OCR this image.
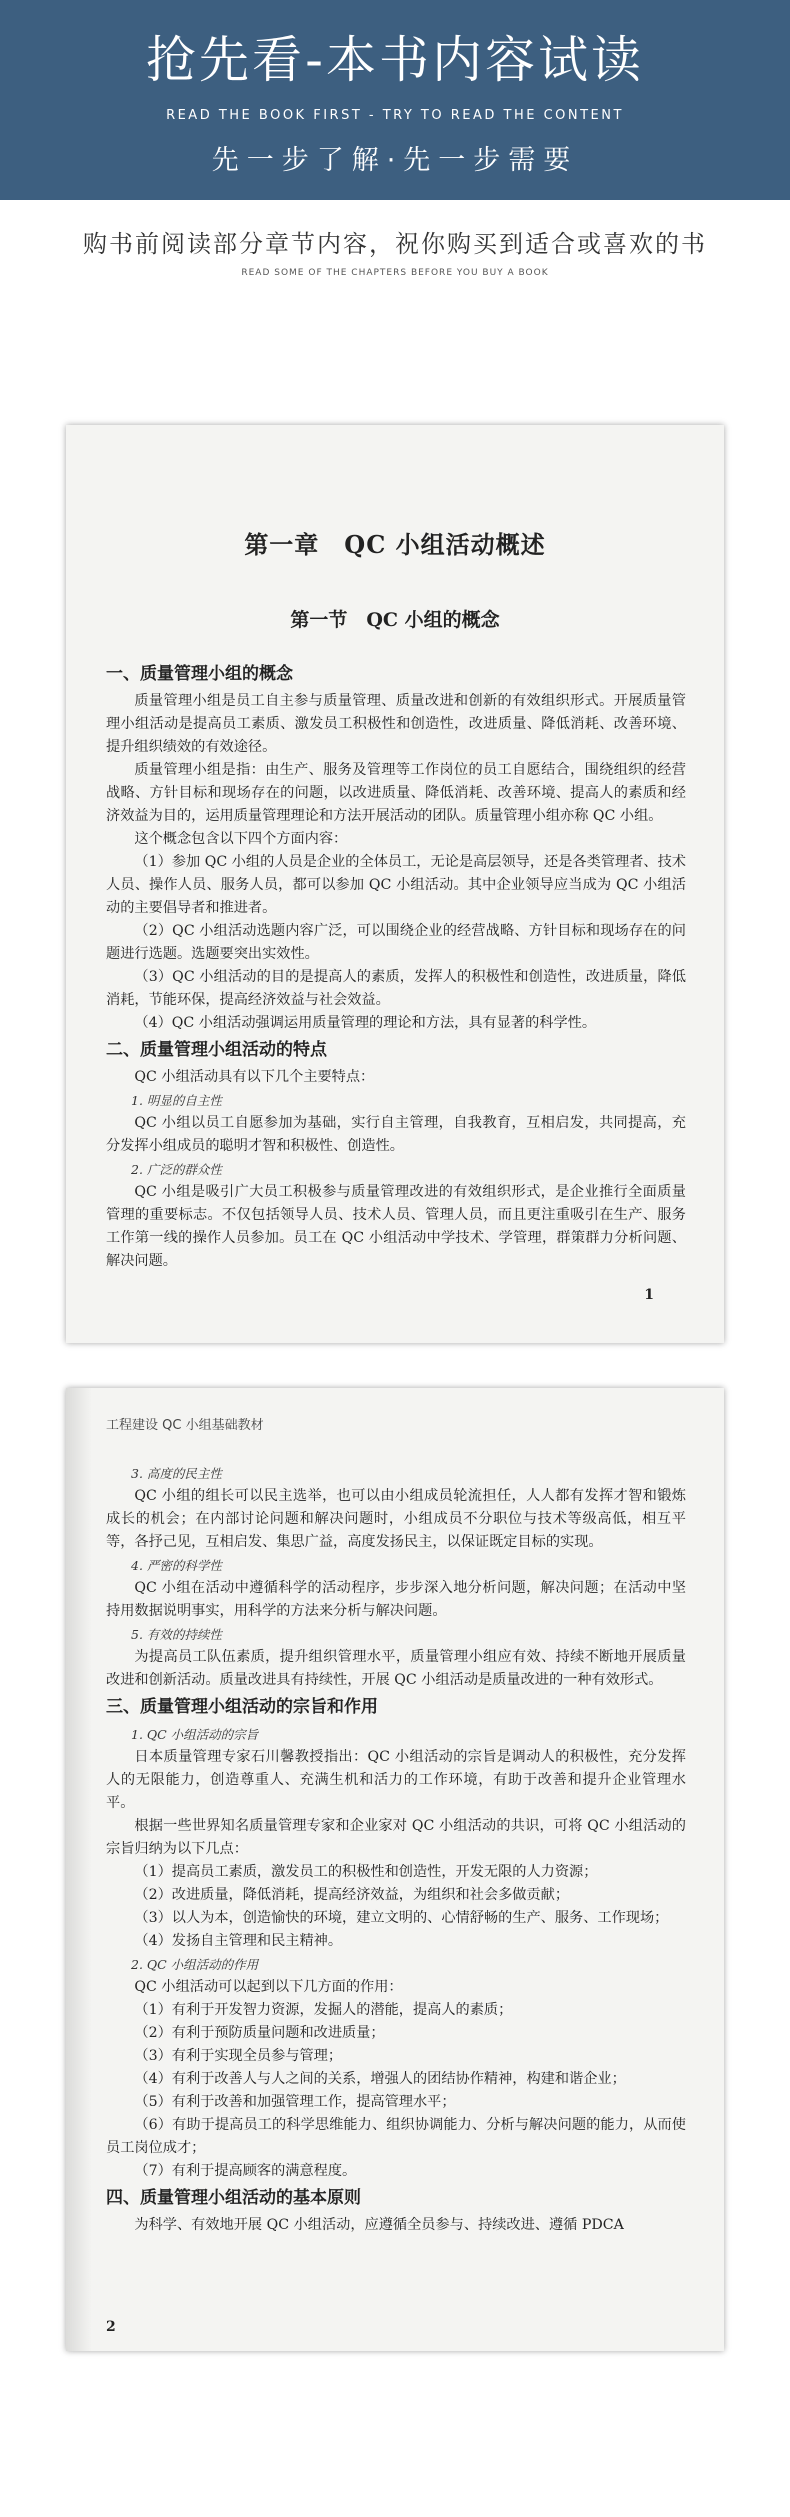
抢先看-本书内容试读
READ THE BOOK FIRST - TRY TO READ THE CONTENT
先一步了解·先一步需要
购书前阅读部分章节内容，祝你购买到适合或喜欢的书
READ SOME OF THE CHAPTERS BEFORE YOU BUY A BOOK
第一章　QC 小组活动概述
第一节　QC 小组的概念
一、质量管理小组的概念

质量管理小组是员工自主参与质量管理、质量改进和创新的有效组织形式。开展质量管理小组活动是提高员工素质、激发员工积极性和创造性，改进质量、降低消耗、改善环境、提升组织绩效的有效途径。

质量管理小组是指：由生产、服务及管理等工作岗位的员工自愿结合，围绕组织的经营战略、方针目标和现场存在的问题，以改进质量、降低消耗、改善环境、提高人的素质和经济效益为目的，运用质量管理理论和方法开展活动的团队。质量管理小组亦称 QC 小组。

这个概念包含以下四个方面内容：

（1）参加 QC 小组的人员是企业的全体员工，无论是高层领导，还是各类管理者、技术人员、操作人员、服务人员，都可以参加 QC 小组活动。其中企业领导应当成为 QC 小组活动的主要倡导者和推进者。

（2）QC 小组活动选题内容广泛，可以围绕企业的经营战略、方针目标和现场存在的问题进行选题。选题要突出实效性。

（3）QC 小组活动的目的是提高人的素质，发挥人的积极性和创造性，改进质量，降低消耗，节能环保，提高经济效益与社会效益。

（4）QC 小组活动强调运用质量管理的理论和方法，具有显著的科学性。

二、质量管理小组活动的特点

QC 小组活动具有以下几个主要特点：

1. 明显的自主性

QC 小组以员工自愿参加为基础，实行自主管理，自我教育，互相启发，共同提高，充分发挥小组成员的聪明才智和积极性、创造性。

2. 广泛的群众性

QC 小组是吸引广大员工积极参与质量管理改进的有效组织形式，是企业推行全面质量管理的重要标志。不仅包括领导人员、技术人员、管理人员，而且更注重吸引在生产、服务工作第一线的操作人员参加。员工在 QC 小组活动中学技术、学管理，群策群力分析问题、解决问题。

1
工程建设 QC 小组基础教材

3. 高度的民主性

QC 小组的组长可以民主选举，也可以由小组成员轮流担任，人人都有发挥才智和锻炼成长的机会；在内部讨论问题和解决问题时，小组成员不分职位与技术等级高低，相互平等，各抒己见，互相启发、集思广益，高度发扬民主，以保证既定目标的实现。

4. 严密的科学性

QC 小组在活动中遵循科学的活动程序，步步深入地分析问题，解决问题；在活动中坚持用数据说明事实，用科学的方法来分析与解决问题。

5. 有效的持续性

为提高员工队伍素质，提升组织管理水平，质量管理小组应有效、持续不断地开展质量改进和创新活动。质量改进具有持续性，开展 QC 小组活动是质量改进的一种有效形式。

三、质量管理小组活动的宗旨和作用

1. QC 小组活动的宗旨

日本质量管理专家石川馨教授指出：QC 小组活动的宗旨是调动人的积极性，充分发挥人的无限能力，创造尊重人、充满生机和活力的工作环境，有助于改善和提升企业管理水平。

根据一些世界知名质量管理专家和企业家对 QC 小组活动的共识，可将 QC 小组活动的宗旨归纳为以下几点：

（1）提高员工素质，激发员工的积极性和创造性，开发无限的人力资源；

（2）改进质量，降低消耗，提高经济效益，为组织和社会多做贡献；

（3）以人为本，创造愉快的环境，建立文明的、心情舒畅的生产、服务、工作现场；

（4）发扬自主管理和民主精神。

2. QC 小组活动的作用

QC 小组活动可以起到以下几方面的作用：

（1）有利于开发智力资源，发掘人的潜能，提高人的素质；

（2）有利于预防质量问题和改进质量；

（3）有利于实现全员参与管理；

（4）有利于改善人与人之间的关系，增强人的团结协作精神，构建和谐企业；

（5）有利于改善和加强管理工作，提高管理水平；

（6）有助于提高员工的科学思维能力、组织协调能力、分析与解决问题的能力，从而使员工岗位成才；

（7）有利于提高顾客的满意程度。

四、质量管理小组活动的基本原则

为科学、有效地开展 QC 小组活动，应遵循全员参与、持续改进、遵循 PDCA

2
